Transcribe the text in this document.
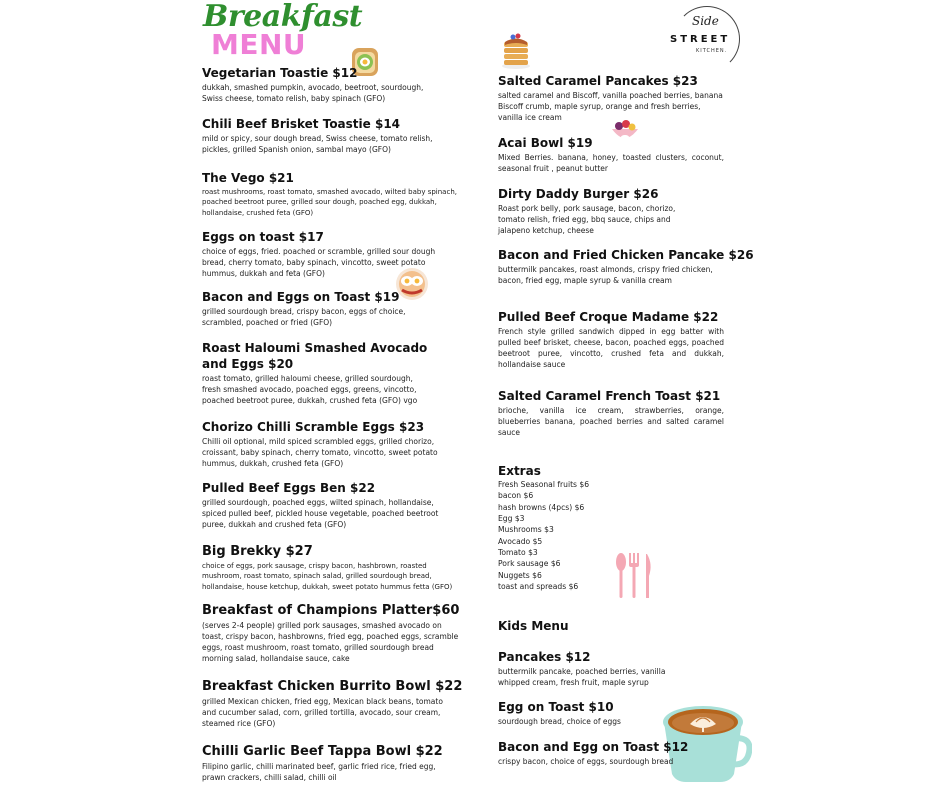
Breakfast
MENU
Side
STREET
KITCHEN.
Vegetarian Toastie $12
dukkah, smashed pumpkin, avocado, beetroot, sourdough, Swiss cheese, tomato relish, baby spinach (GFO)
Chili Beef Brisket Toastie $14
mild or spicy, sour dough bread, Swiss cheese, tomato relish, pickles, grilled Spanish onion, sambal mayo (GFO)
The Vego $21
roast mushrooms, roast tomato, smashed avocado, wilted baby spinach, poached beetroot puree, grilled sour dough, poached egg, dukkah, hollandaise, crushed feta (GFO)
Eggs on toast $17
choice of eggs, fried. poached or scramble, grilled sour dough bread, cherry tomato, baby spinach, vincotto, sweet potato hummus, dukkah and feta (GFO)
Bacon and Eggs on Toast $19
grilled sourdough bread, crispy bacon, eggs of choice, scrambled, poached or fried (GFO)
Roast Haloumi Smashed Avocado
and Eggs $20
roast tomato, grilled haloumi cheese, grilled sourdough, fresh smashed avocado, poached eggs, greens, vincotto, poached beetroot puree, dukkah, crushed feta (GFO) vgo
Chorizo Chilli Scramble Eggs $23
Chilli oil optional, mild spiced scrambled eggs, grilled chorizo, croissant, baby spinach, cherry tomato, vincotto, sweet potato hummus, dukkah, crushed feta (GFO)
Pulled Beef Eggs Ben $22
grilled sourdough, poached eggs, wilted spinach, hollandaise, spiced pulled beef, pickled house vegetable, poached beetroot puree, dukkah and crushed feta (GFO)
Big Brekky $27
choice of eggs, pork sausage, crispy bacon, hashbrown, roasted mushroom, roast tomato, spinach salad, grilled sourdough bread, hollandaise, house ketchup, dukkah, sweet potato hummus fetta (GFO)
Breakfast of Champions Platter$60
(serves 2-4 people) grilled pork sausages, smashed avocado on toast, crispy bacon, hashbrowns, fried egg, poached eggs, scramble eggs, roast mushroom, roast tomato, grilled sourdough bread morning salad, hollandaise sauce, cake
Breakfast Chicken Burrito Bowl $22
grilled Mexican chicken, fried egg, Mexican black beans, tomato and cucumber salad, corn, grilled tortilla, avocado, sour cream, steamed rice (GFO)
Chilli Garlic Beef Tappa Bowl $22
Filipino garlic, chilli marinated beef, garlic fried rice, fried egg, prawn crackers, chilli salad, chilli oil
Salted Caramel Pancakes $23
salted caramel and Biscoff, vanilla poached berries, banana Biscoff crumb, maple syrup, orange and fresh berries, vanilla ice cream
Acai Bowl $19
Mixed Berries. banana, honey, toasted clusters, coconut, seasonal fruit , peanut butter
Dirty Daddy Burger $26
Roast pork belly, pork sausage, bacon, chorizo, tomato relish, fried egg, bbq sauce, chips and jalapeno ketchup, cheese
Bacon and Fried Chicken Pancake $26
buttermilk pancakes, roast almonds, crispy fried chicken, bacon, fried egg, maple syrup & vanilla cream
Pulled Beef Croque Madame $22
French style grilled sandwich dipped in egg batter with pulled beef brisket, cheese, bacon, poached eggs, poached beetroot puree, vincotto, crushed feta and dukkah, hollandaise sauce
Salted Caramel French Toast $21
brioche, vanilla ice cream, strawberries, orange, blueberries banana, poached berries and salted caramel sauce
Extras
Fresh Seasonal fruits $6
bacon $6
hash browns (4pcs) $6
Egg $3
Mushrooms $3
Avocado $5
Tomato $3
Pork sausage $6
Nuggets $6
toast and spreads $6
Kids Menu
Pancakes $12
buttermilk pancake, poached berries, vanilla whipped cream, fresh fruit, maple syrup
Egg on Toast $10
sourdough bread, choice of eggs
Bacon and Egg on Toast $12
crispy bacon, choice of eggs, sourdough bread
